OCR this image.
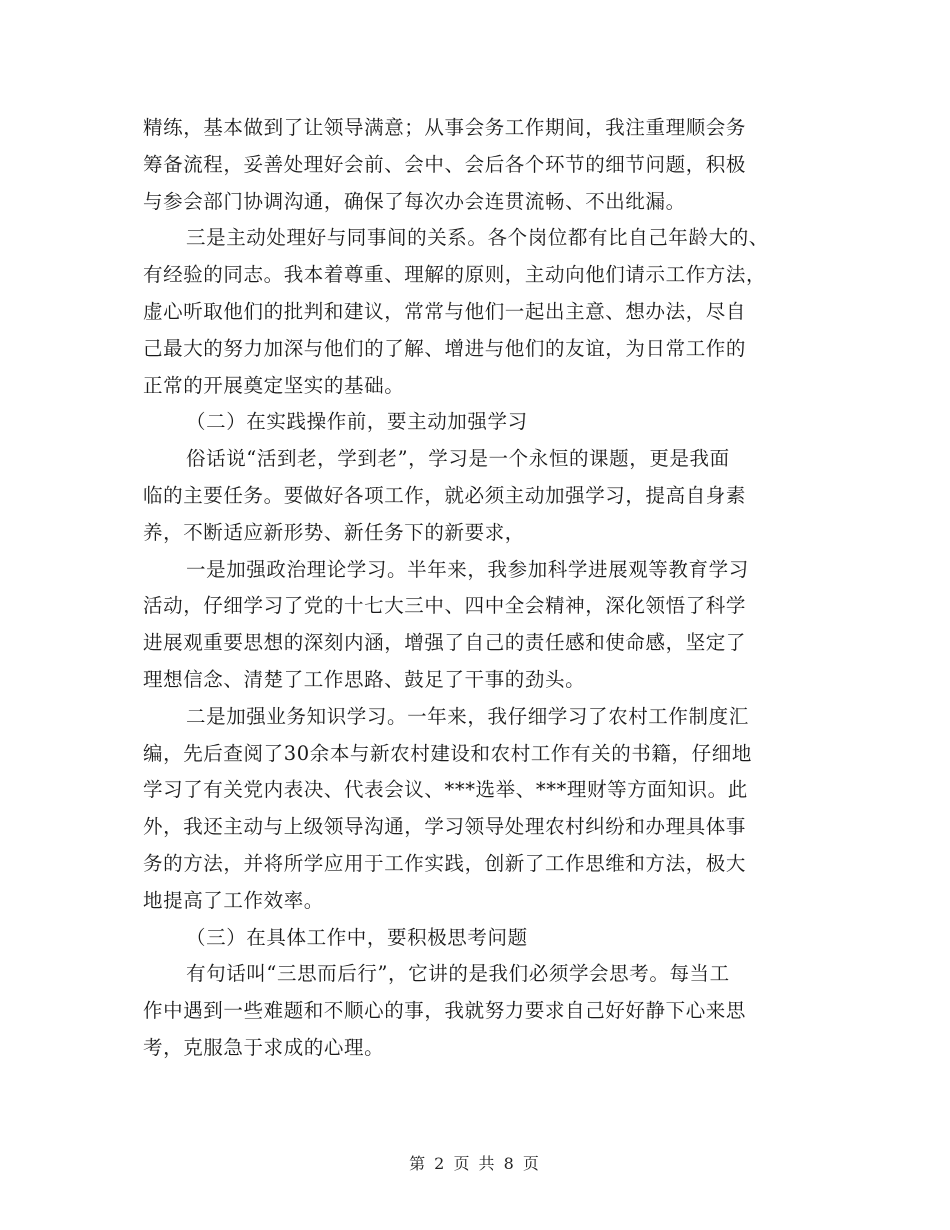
精练，基本做到了让领导满意；从事会务工作期间，我注重理顺会务
筹备流程，妥善处理好会前、会中、会后各个环节的细节问题，积极
与参会部门协调沟通，确保了每次办会连贯流畅、不出纰漏。
三是主动处理好与同事间的关系。各个岗位都有比自己年龄大的、
有经验的同志。我本着尊重、理解的原则，主动向他们请示工作方法，
虚心听取他们的批判和建议，常常与他们一起出主意、想办法，尽自
己最大的努力加深与他们的了解、增进与他们的友谊，为日常工作的
正常的开展奠定坚实的基础。
（二）在实践操作前，要主动加强学习
俗话说“活到老，学到老”，学习是一个永恒的课题，更是我面
临的主要任务。要做好各项工作，就必须主动加强学习，提高自身素
养，不断适应新形势、新任务下的新要求，
一是加强政治理论学习。半年来，我参加科学进展观等教育学习
活动，仔细学习了党的十七大三中、四中全会精神，深化领悟了科学
进展观重要思想的深刻内涵，增强了自己的责任感和使命感，坚定了
理想信念、清楚了工作思路、鼓足了干事的劲头。
二是加强业务知识学习。一年来，我仔细学习了农村工作制度汇
编，先后查阅了30余本与新农村建设和农村工作有关的书籍，仔细地
学习了有关党内表决、代表会议、***选举、***理财等方面知识。此
外，我还主动与上级领导沟通，学习领导处理农村纠纷和办理具体事
务的方法，并将所学应用于工作实践，创新了工作思维和方法，极大
地提高了工作效率。
（三）在具体工作中，要积极思考问题
有句话叫“三思而后行”，它讲的是我们必须学会思考。每当工
作中遇到一些难题和不顺心的事，我就努力要求自己好好静下心来思
考，克服急于求成的心理。
第 2 页 共 8 页
